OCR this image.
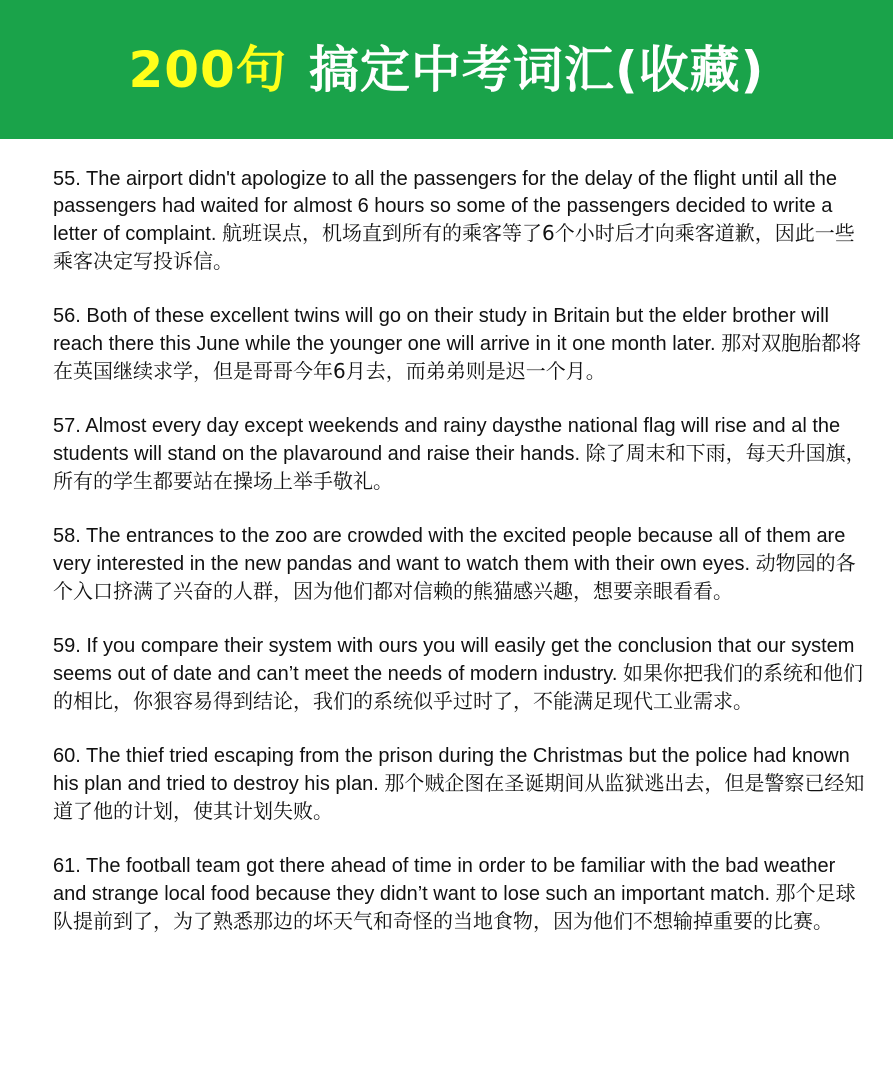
200句 搞定中考词汇(收藏)

55. The airport didn't apologize to all the passengers for the delay of the flight until all the passengers had waited for almost 6 hours so some of the passengers decided to write a letter of complaint. 航班误点，机场直到所有的乘客等了6个小时后才向乘客道歉，因此一些乘客决定写投诉信。

56. Both of these excellent twins will go on their study in Britain but the elder brother will reach there this June while the younger one will arrive in it one month later. 那对双胞胎都将在英国继续求学，但是哥哥今年6月去，而弟弟则是迟一个月。

57. Almost every day except weekends and rainy daysthe national flag will rise and al the students will stand on the plavaround and raise their hands. 除了周末和下雨，每天升国旗，所有的学生都要站在操场上举手敬礼。

58. The entrances to the zoo are crowded with the excited people because all of them are very interested in the new pandas and want to watch them with their own eyes. 动物园的各个入口挤满了兴奋的人群，因为他们都对信赖的熊猫感兴趣，想要亲眼看看。

59. If you compare their system with ours you will easily get the conclusion that our system seems out of date and can’t meet the needs of modern industry. 如果你把我们的系统和他们的相比，你狠容易得到结论，我们的系统似乎过时了，不能满足现代工业需求。

60. The thief tried escaping from the prison during the Christmas but the police had known his plan and tried to destroy his plan. 那个贼企图在圣诞期间从监狱逃出去，但是警察已经知道了他的计划，使其计划失败。

61. The football team got there ahead of time in order to be familiar with the bad weather and strange local food because they didn’t want to lose such an important match. 那个足球队提前到了，为了熟悉那边的坏天气和奇怪的当地食物，因为他们不想输掉重要的比赛。
